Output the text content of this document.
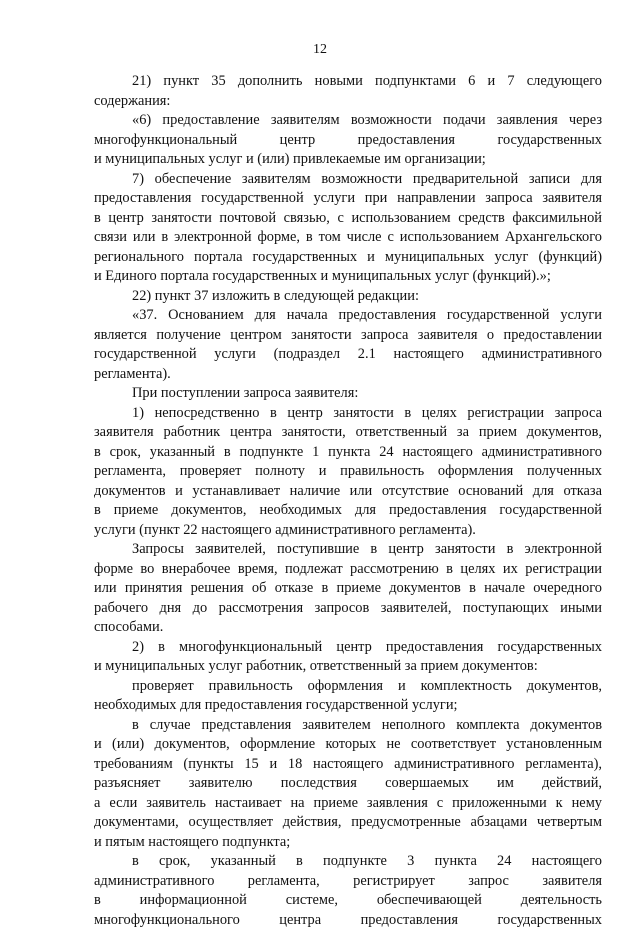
12
21) пункт 35 дополнить новыми подпунктами 6 и 7 следующего
содержания:
«6) предоставление заявителям возможности подачи заявления через
многофункциональный центр предоставления государственных
и муниципальных услуг и (или) привлекаемые им организации;
7) обеспечение заявителям возможности предварительной записи для
предоставления государственной услуги при направлении запроса заявителя
в центр занятости почтовой связью, с использованием средств факсимильной
связи или в электронной форме, в том числе с использованием Архангельского
регионального портала государственных и муниципальных услуг (функций)
и Единого портала государственных и муниципальных услуг (функций).»;
22) пункт 37 изложить в следующей редакции:
«37. Основанием для начала предоставления государственной услуги
является получение центром занятости запроса заявителя о предоставлении
государственной услуги (подраздел 2.1 настоящего административного
регламента).
При поступлении запроса заявителя:
1) непосредственно в центр занятости в целях регистрации запроса
заявителя работник центра занятости, ответственный за прием документов,
в срок, указанный в подпункте 1 пункта 24 настоящего административного
регламента, проверяет полноту и правильность оформления полученных
документов и устанавливает наличие или отсутствие оснований для отказа
в приеме документов, необходимых для предоставления государственной
услуги (пункт 22 настоящего административного регламента).
Запросы заявителей, поступившие в центр занятости в электронной
форме во внерабочее время, подлежат рассмотрению в целях их регистрации
или принятия решения об отказе в приеме документов в начале очередного
рабочего дня до рассмотрения запросов заявителей, поступающих иными
способами.
2) в многофункциональный центр предоставления государственных
и муниципальных услуг работник, ответственный за прием документов:
проверяет правильность оформления и комплектность документов,
необходимых для предоставления государственной услуги;
в случае представления заявителем неполного комплекта документов
и (или) документов, оформление которых не соответствует установленным
требованиям (пункты 15 и 18 настоящего административного регламента),
разъясняет заявителю последствия совершаемых им действий,
а если заявитель настаивает на приеме заявления с приложенными к нему
документами, осуществляет действия, предусмотренные абзацами четвертым
и пятым настоящего подпункта;
в срок, указанный в подпункте 3 пункта 24 настоящего
административного регламента, регистрирует запрос заявителя
в информационной системе, обеспечивающей деятельность
многофункционального центра предоставления государственных
